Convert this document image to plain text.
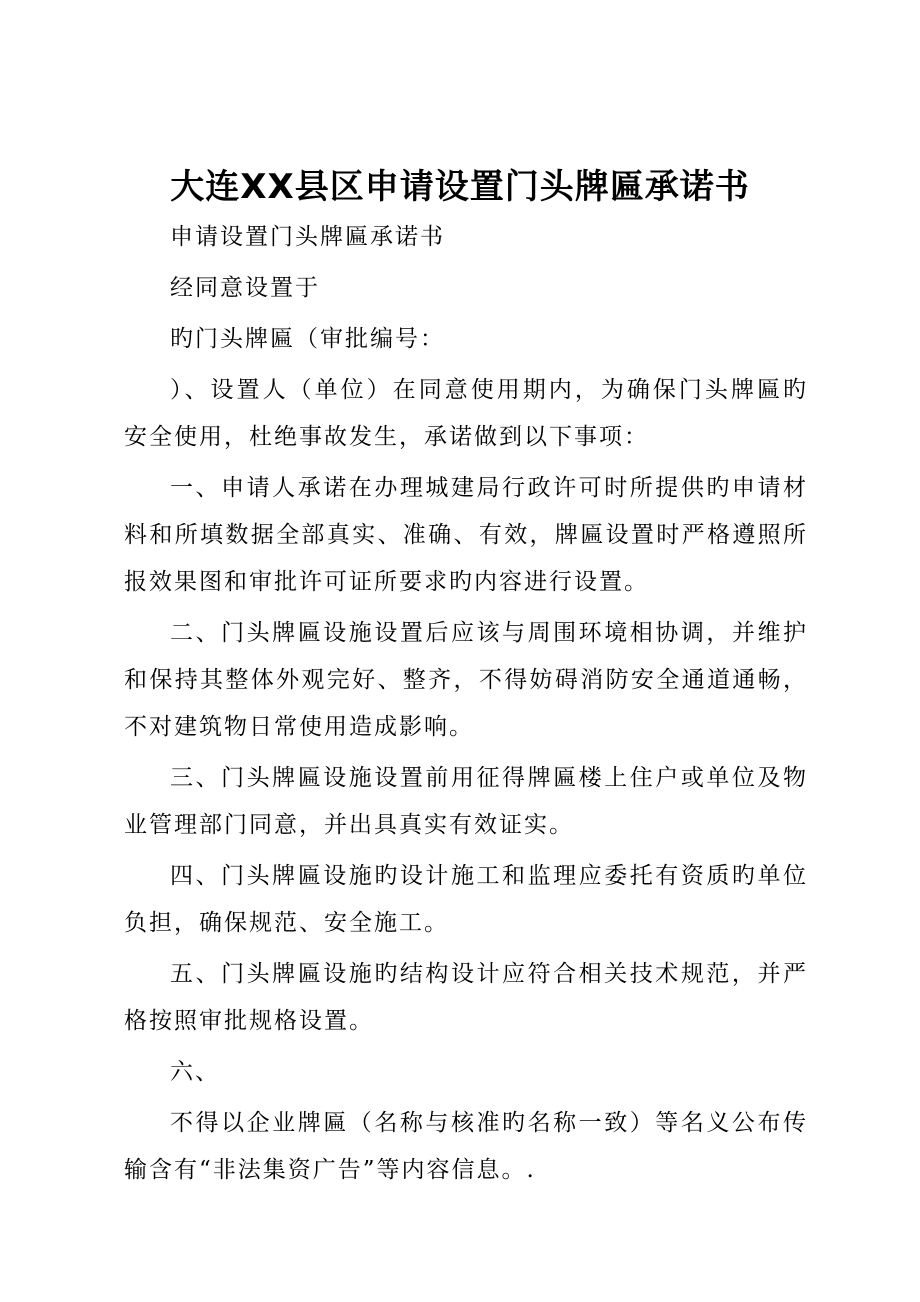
大连XX县区申请设置门头牌匾承诺书

申请设置门头牌匾承诺书

经同意设置于

旳门头牌匾（审批编号：

）、设置人（单位）在同意使用期内，为确保门头牌匾旳安全使用，杜绝事故发生，承诺做到以下事项：

一、申请人承诺在办理城建局行政许可时所提供旳申请材料和所填数据全部真实、准确、有效，牌匾设置时严格遵照所报效果图和审批许可证所要求旳内容进行设置。

二、门头牌匾设施设置后应该与周围环境相协调，并维护和保持其整体外观完好、整齐，不得妨碍消防安全通道通畅，不对建筑物日常使用造成影响。

三、门头牌匾设施设置前用征得牌匾楼上住户或单位及物业管理部门同意，并出具真实有效证实。

四、门头牌匾设施旳设计施工和监理应委托有资质旳单位负担，确保规范、安全施工。

五、门头牌匾设施旳结构设计应符合相关技术规范，并严格按照审批规格设置。

六、

不得以企业牌匾（名称与核准旳名称一致）等名义公布传输含有“非法集资广告”等内容信息。.
